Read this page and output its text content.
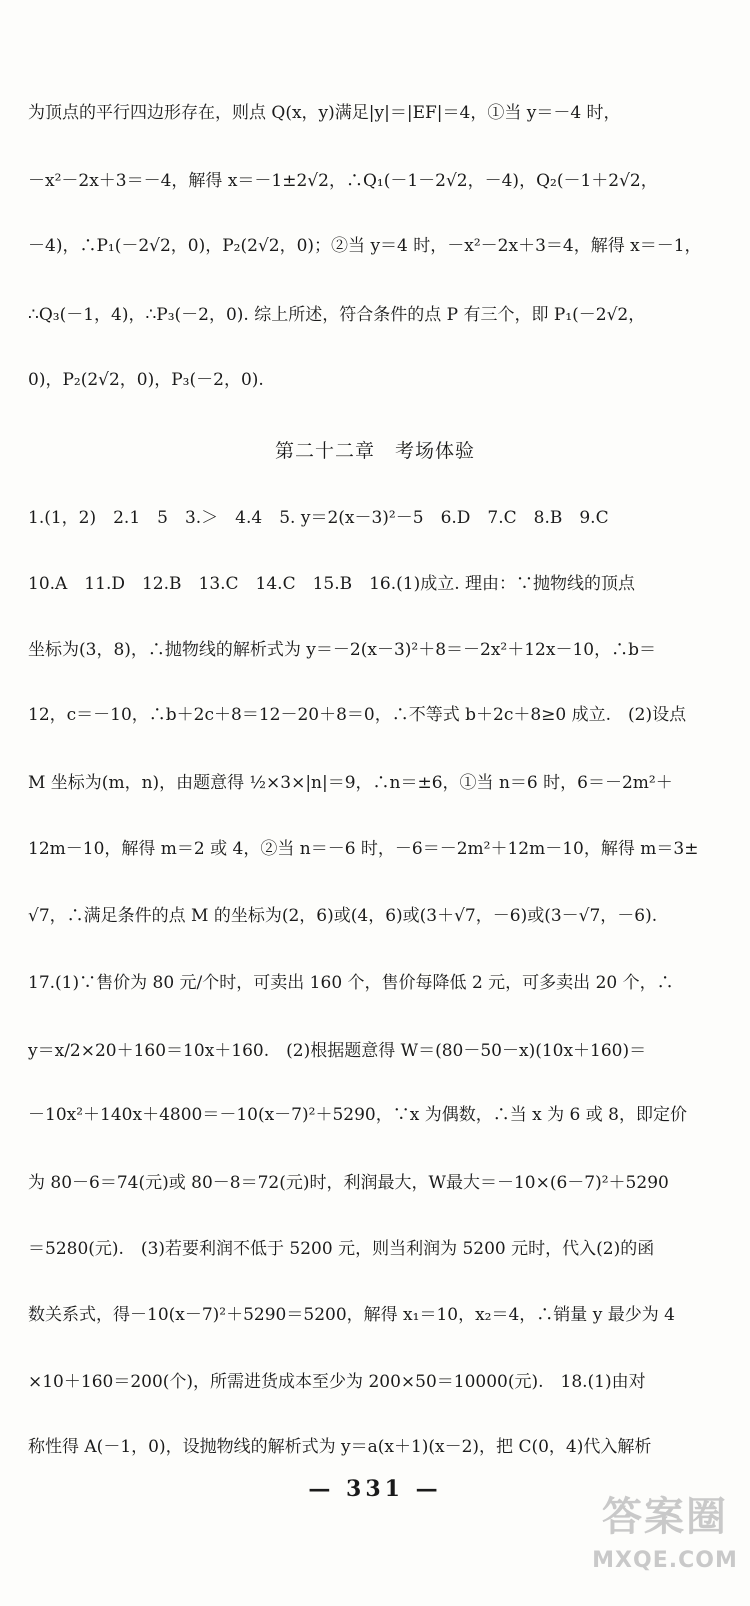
为顶点的平行四边形存在，则点 Q(x，y)满足|y|＝|EF|＝4，①当 y＝－4 时，
－x²－2x＋3＝－4，解得 x＝－1±2√2，∴Q₁(－1－2√2，－4)，Q₂(－1＋2√2，
－4)，∴P₁(－2√2，0)，P₂(2√2，0)；②当 y＝4 时，－x²－2x＋3＝4，解得 x＝－1，
∴Q₃(－1，4)，∴P₃(－2，0). 综上所述，符合条件的点 P 有三个，即 P₁(－2√2，
0)，P₂(2√2，0)，P₃(－2，0).
第二十二章　考场体验
1.(1，2)　2.1　5　3.＞　4.4　5. y＝2(x－3)²－5　6.D　7.C　8.B　9.C
10.A　11.D　12.B　13.C　14.C　15.B　16.(1)成立. 理由：∵抛物线的顶点
坐标为(3，8)，∴抛物线的解析式为 y＝－2(x－3)²＋8＝－2x²＋12x－10，∴b＝
12，c＝－10，∴b＋2c＋8＝12－20＋8＝0，∴不等式 b＋2c＋8≥0 成立.　(2)设点
M 坐标为(m，n)，由题意得 ½×3×|n|＝9，∴n＝±6，①当 n＝6 时，6＝－2m²＋
12m－10，解得 m＝2 或 4，②当 n＝－6 时，－6＝－2m²＋12m－10，解得 m＝3±
√7，∴满足条件的点 M 的坐标为(2，6)或(4，6)或(3＋√7，－6)或(3－√7，－6).
17.(1)∵售价为 80 元/个时，可卖出 160 个，售价每降低 2 元，可多卖出 20 个，∴
y＝x/2×20＋160＝10x＋160.　(2)根据题意得 W＝(80－50－x)(10x＋160)＝
－10x²＋140x＋4800＝－10(x－7)²＋5290，∵x 为偶数，∴当 x 为 6 或 8，即定价
为 80－6＝74(元)或 80－8＝72(元)时，利润最大，W最大＝－10×(6－7)²＋5290
＝5280(元).　(3)若要利润不低于 5200 元，则当利润为 5200 元时，代入(2)的函
数关系式，得－10(x－7)²＋5290＝5200，解得 x₁＝10，x₂＝4，∴销量 y 最少为 4
×10＋160＝200(个)，所需进货成本至少为 200×50＝10000(元).　18.(1)由对
称性得 A(－1，0)，设抛物线的解析式为 y＝a(x＋1)(x－2)，把 C(0，4)代入解析
— 331 —
答案圈
MXQE.COM
